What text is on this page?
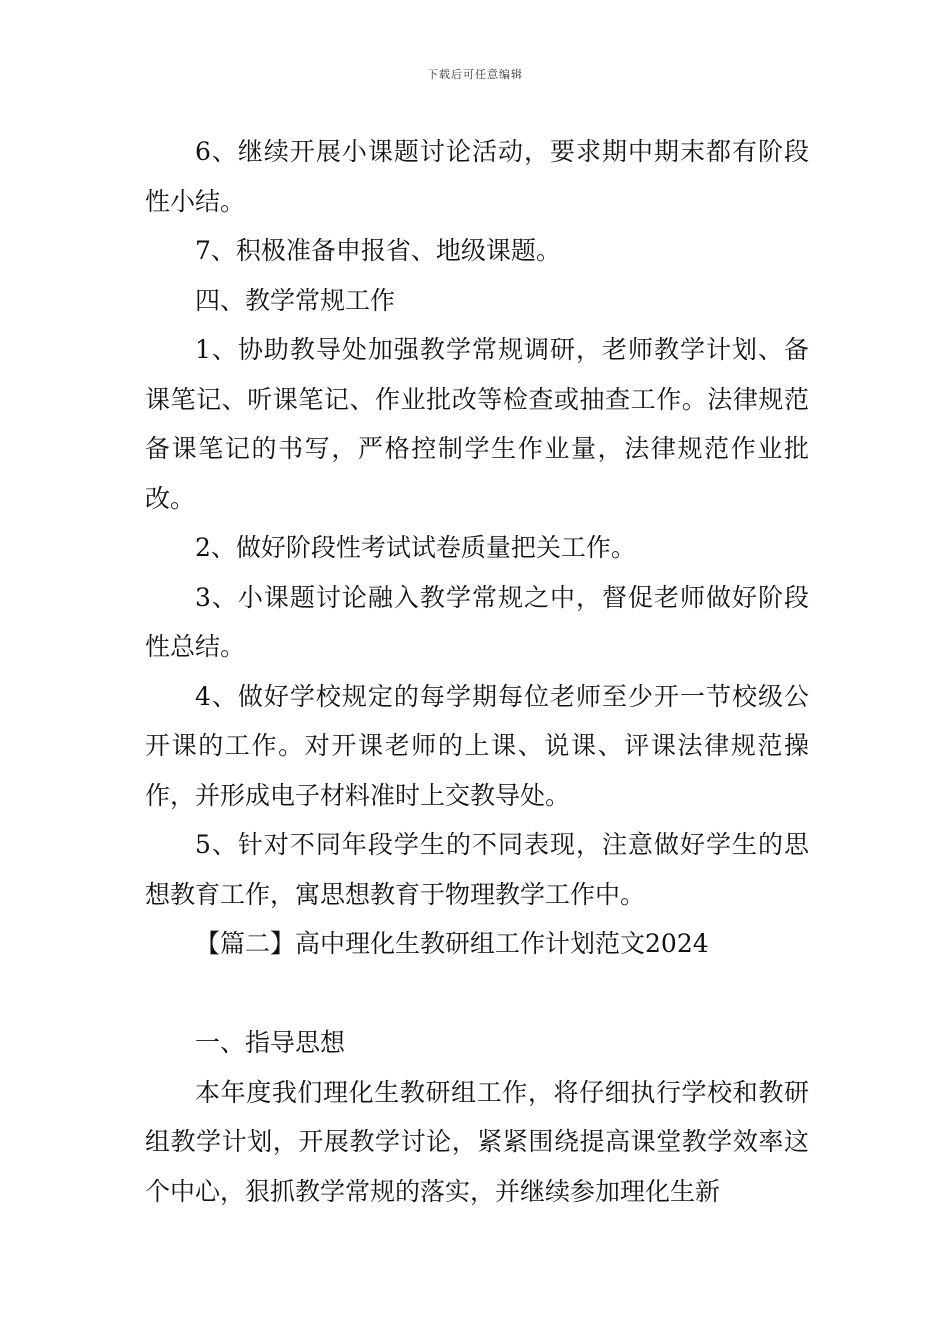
下载后可任意编辑

6、继续开展小课题讨论活动，要求期中期末都有阶段性小结。

7、积极准备申报省、地级课题。

四、教学常规工作

1、协助教导处加强教学常规调研，老师教学计划、备课笔记、听课笔记、作业批改等检查或抽查工作。法律规范备课笔记的书写，严格控制学生作业量，法律规范作业批改。

2、做好阶段性考试试卷质量把关工作。

3、小课题讨论融入教学常规之中，督促老师做好阶段性总结。

4、做好学校规定的每学期每位老师至少开一节校级公开课的工作。对开课老师的上课、说课、评课法律规范操作，并形成电子材料准时上交教导处。

5、针对不同年段学生的不同表现，注意做好学生的思想教育工作，寓思想教育于物理教学工作中。

【篇二】高中理化生教研组工作计划范文2024

一、指导思想

本年度我们理化生教研组工作，将仔细执行学校和教研组教学计划，开展教学讨论，紧紧围绕提高课堂教学效率这个中心，狠抓教学常规的落实，并继续参加理化生新
